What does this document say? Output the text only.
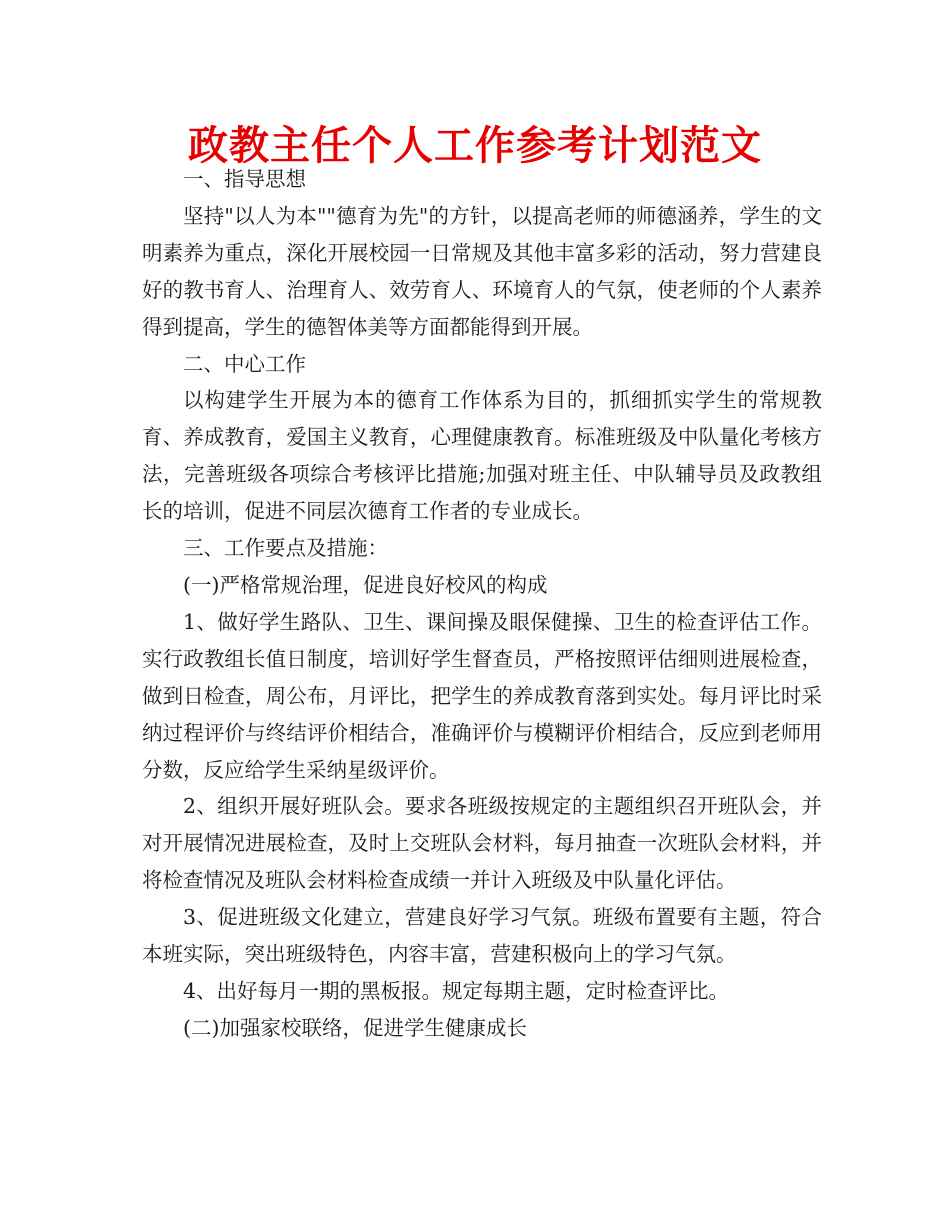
政教主任个人工作参考计划范文

一、指导思想

坚持"以人为本""德育为先"的方针，以提高老师的师德涵养，学生的文明素养为重点，深化开展校园一日常规及其他丰富多彩的活动，努力营建良好的教书育人、治理育人、效劳育人、环境育人的气氛，使老师的个人素养得到提高，学生的德智体美等方面都能得到开展。

二、中心工作

以构建学生开展为本的德育工作体系为目的，抓细抓实学生的常规教育、养成教育，爱国主义教育，心理健康教育。标准班级及中队量化考核方法，完善班级各项综合考核评比措施;加强对班主任、中队辅导员及政教组长的培训，促进不同层次德育工作者的专业成长。

三、工作要点及措施：

(一)严格常规治理，促进良好校风的构成

1、做好学生路队、卫生、课间操及眼保健操、卫生的检查评估工作。实行政教组长值日制度，培训好学生督查员，严格按照评估细则进展检查，做到日检查，周公布，月评比，把学生的养成教育落到实处。每月评比时采纳过程评价与终结评价相结合，准确评价与模糊评价相结合，反应到老师用分数，反应给学生采纳星级评价。

2、组织开展好班队会。要求各班级按规定的主题组织召开班队会，并对开展情况进展检查，及时上交班队会材料，每月抽查一次班队会材料，并将检查情况及班队会材料检查成绩一并计入班级及中队量化评估。

3、促进班级文化建立，营建良好学习气氛。班级布置要有主题，符合本班实际，突出班级特色，内容丰富，营建积极向上的学习气氛。

4、出好每月一期的黑板报。规定每期主题，定时检查评比。

(二)加强家校联络，促进学生健康成长
